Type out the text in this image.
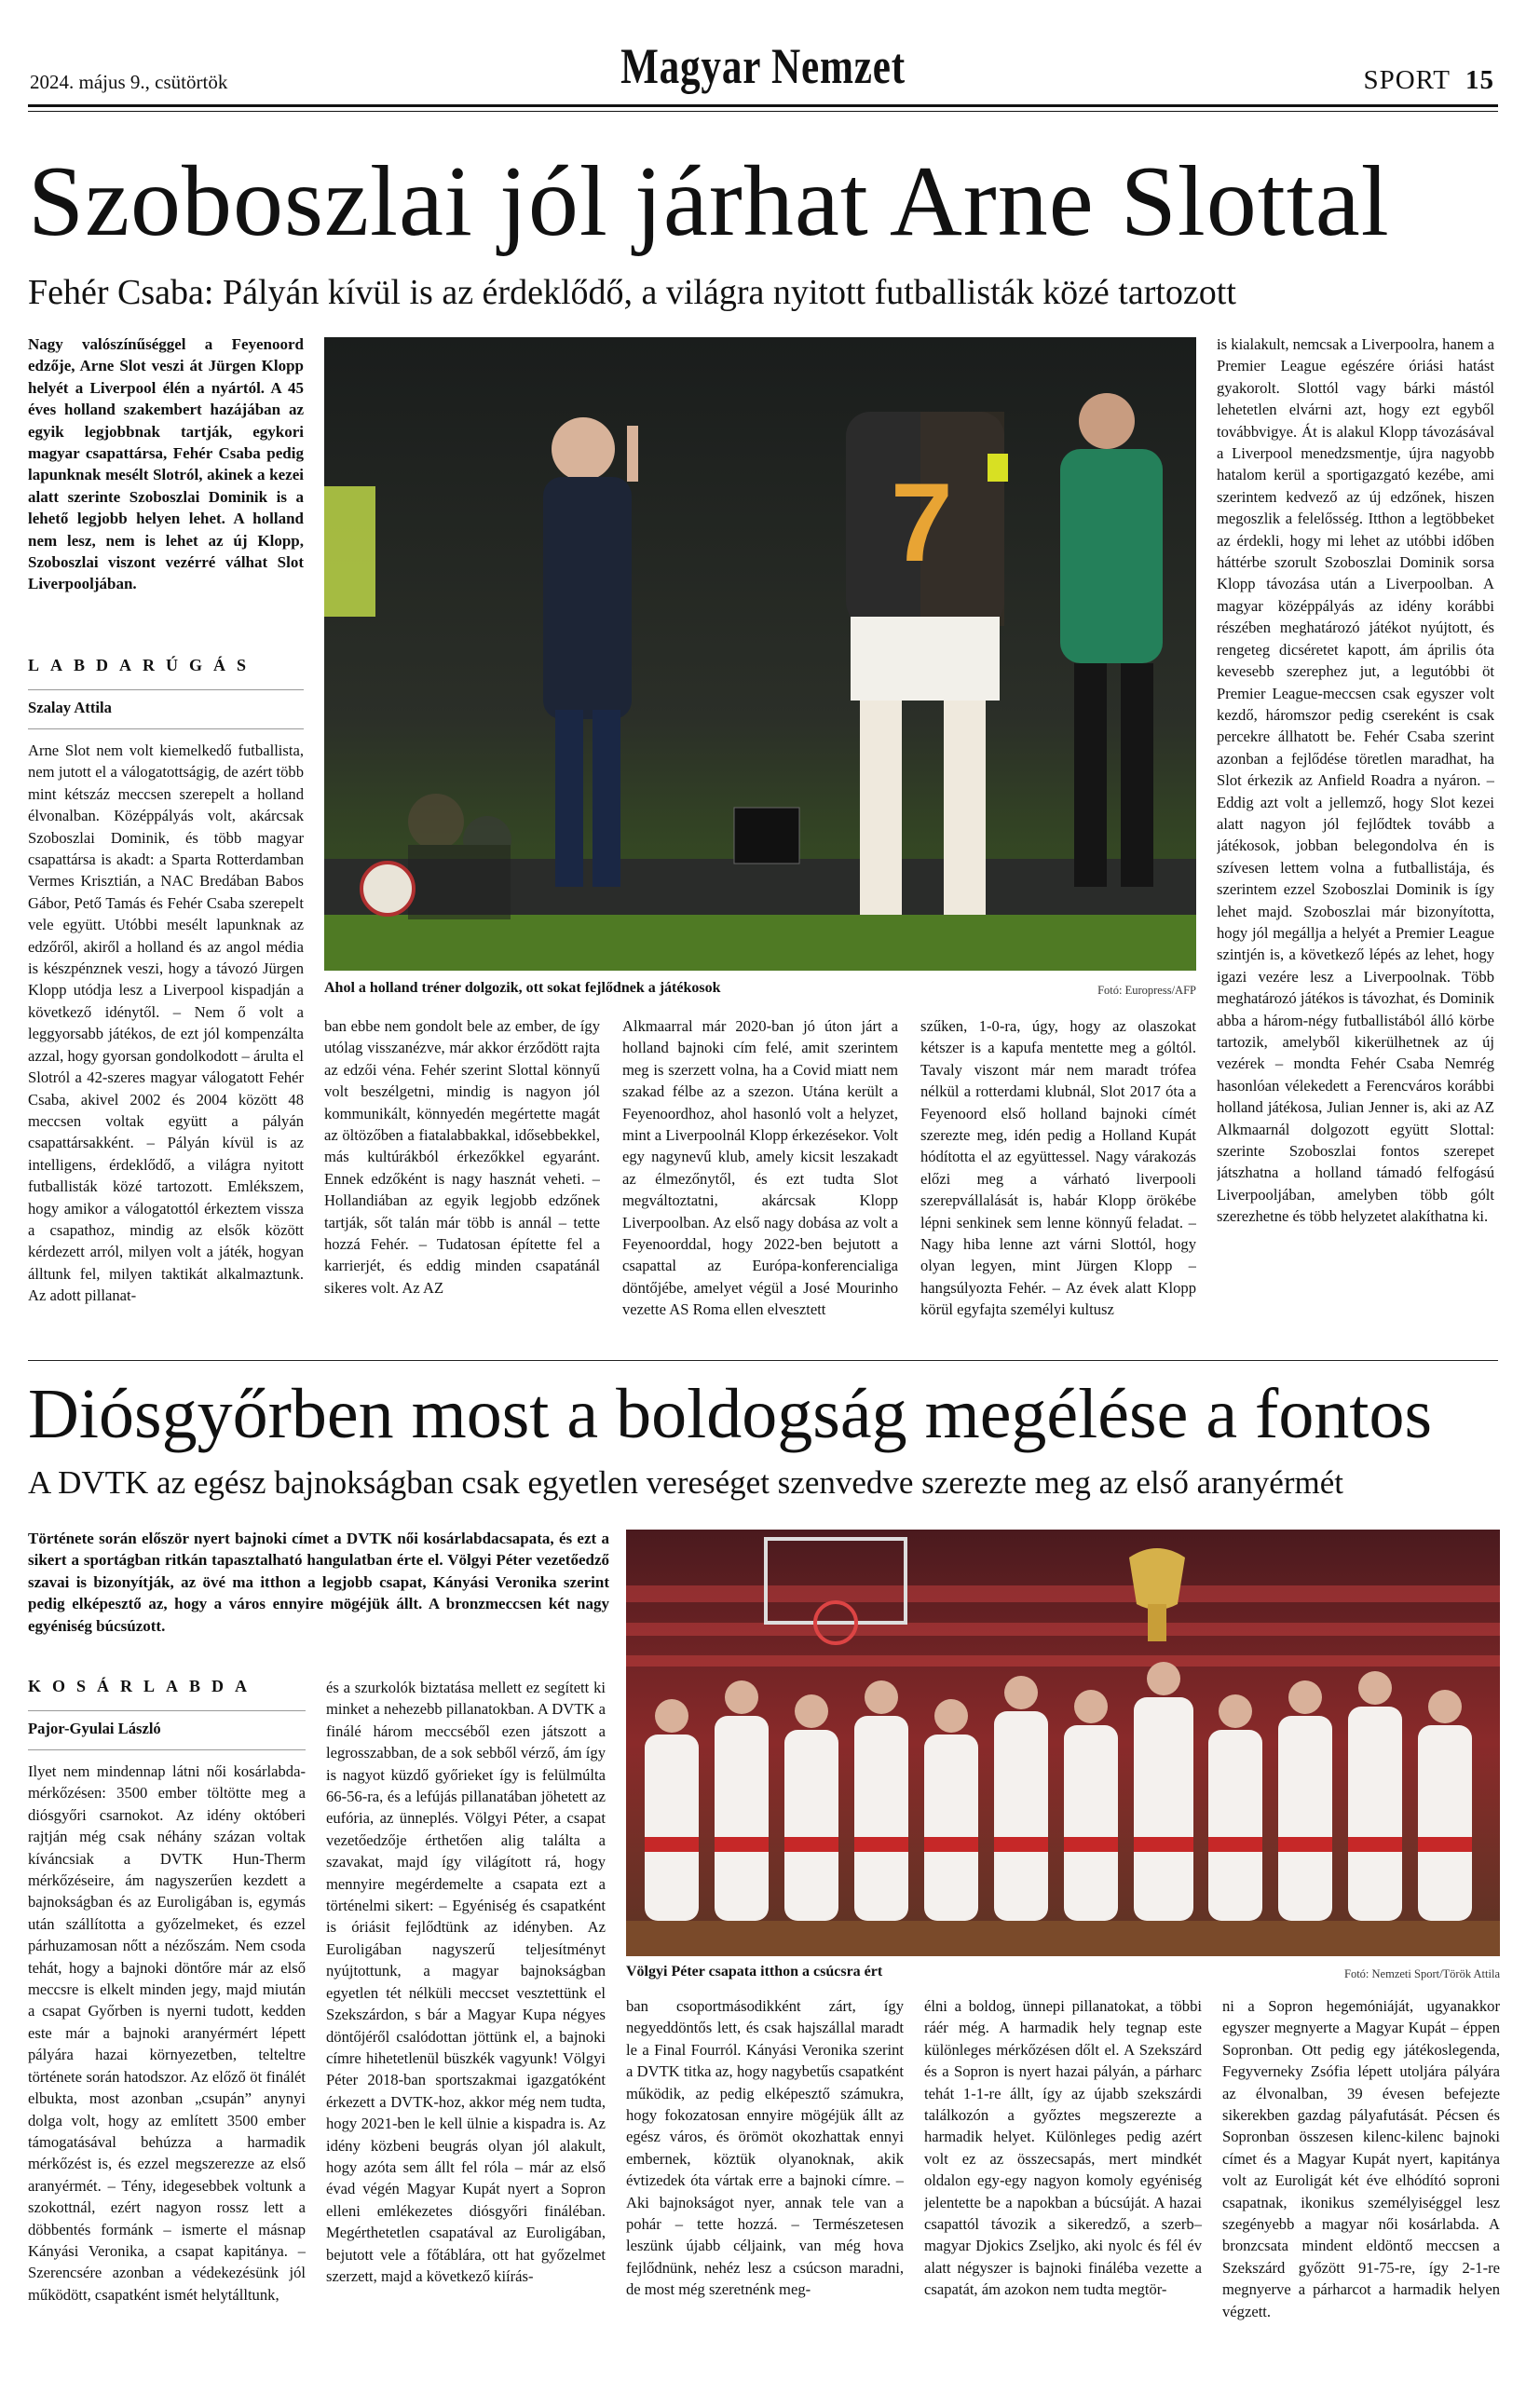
2024. május 9., csütörtök	Magyar Nemzet	SPORT 15
Szoboszlai jól járhat Arne Slottal
Fehér Csaba: Pályán kívül is az érdeklődő, a világra nyitott futballisták közé tartozott
Nagy valószínűséggel a Feyenoord edzője, Arne Slot veszi át Jürgen Klopp helyét a Liverpool élén a nyártól. A 45 éves holland szakembert hazájában az egyik legjobbnak tartják, egykori magyar csapattársa, Fehér Csaba pedig lapunknak mesélt Slotról, akinek a kezei alatt szerinte Szoboszlai Dominik is a lehető legjobb helyen lehet. A holland nem lesz, nem is lehet az új Klopp, Szoboszlai viszont vezérré válhat Slot Liverpooljában.
LABDARÚGÁS
Szalay Attila
Arne Slot nem volt kiemelkedő futballista, nem jutott el a válogatottságig, de azért több mint kétszáz meccsen szerepelt a holland élvonalban. Középpályás volt, akárcsak Szoboszlai Dominik, és több magyar csapattársa is akadt: a Sparta Rotterdamban Vermes Krisztián, a NAC Bredában Babos Gábor, Pető Tamás és Fehér Csaba szerepelt vele együtt. Utóbbi mesélt lapunknak az edzőről, akiről a holland és az angol média is készpénznek veszi, hogy a távozó Jürgen Klopp utódja lesz a Liverpool kispadján a következő idénytől. – Nem ő volt a leggyorsabb játékos, de ezt jól kompenzálta azzal, hogy gyorsan gondolkodott – árulta el Slotról a 42-szeres magyar válogatott Fehér Csaba, akivel 2002 és 2004 között 48 meccsen voltak együtt a pályán csapattársakként. – Pályán kívül is az intelligens, érdeklődő, a világra nyitott futballisták közé tartozott. Emlékszem, hogy amikor a válogatottól érkeztem vissza a csapathoz, mindig az elsők között kérdezett arról, milyen volt a játék, hogyan álltunk fel, milyen taktikát alkalmaztunk. Az adott pillanat-
7
Ahol a holland tréner dolgozik, ott sokat fejlődnek a játékosok	Fotó: Europress/AFP
ban ebbe nem gondolt bele az ember, de így utólag visszanézve, már akkor érződött rajta az edzői véna. Fehér szerint Slottal könnyű volt beszélgetni, mindig is nagyon jól kommunikált, könnyedén megértette magát az öltözőben a fiatalabbakkal, idősebbekkel, más kultúrákból érkezőkkel egyaránt. Ennek edzőként is nagy hasznát veheti. – Hollandiában az egyik legjobb edzőnek tartják, sőt talán már több is annál – tette hozzá Fehér. – Tudatosan építette fel a karrierjét, és eddig minden csapatánál sikeres volt. Az AZ
Alkmaarral már 2020-ban jó úton járt a holland bajnoki cím felé, amit szerintem meg is szerzett volna, ha a Covid miatt nem szakad félbe az a szezon. Utána került a Feyenoordhoz, ahol hasonló volt a helyzet, mint a Liverpoolnál Klopp érkezésekor. Volt egy nagynevű klub, amely kicsit leszakadt az élmezőnytől, és ezt tudta Slot megváltoztatni, akárcsak Klopp Liverpoolban. Az első nagy dobása az volt a Feyenoorddal, hogy 2022-ben bejutott a csapattal az Európa-konferencialiga döntőjébe, amelyet végül a José Mourinho vezette AS Roma ellen elvesztett
szűken, 1-0-ra, úgy, hogy az olaszokat kétszer is a kapufa mentette meg a góltól. Tavaly viszont már nem maradt trófea nélkül a rotterdami klubnál, Slot 2017 óta a Feyenoord első holland bajnoki címét szerezte meg, idén pedig a Holland Kupát hódította el az együttessel. Nagy várakozás előzi meg a várható liverpooli szerepvállalását is, habár Klopp örökébe lépni senkinek sem lenne könnyű feladat. – Nagy hiba lenne azt várni Slottól, hogy olyan legyen, mint Jürgen Klopp – hangsúlyozta Fehér. – Az évek alatt Klopp körül egyfajta személyi kultusz
is kialakult, nemcsak a Liverpoolra, hanem a Premier League egészére óriási hatást gyakorolt. Slottól vagy bárki mástól lehetetlen elvárni azt, hogy ezt egyből továbbvigye. Át is alakul Klopp távozásával a Liverpool menedzsmentje, újra nagyobb hatalom kerül a sportigazgató kezébe, ami szerintem kedvező az új edzőnek, hiszen megoszlik a felelősség. Itthon a legtöbbeket az érdekli, hogy mi lehet az utóbbi időben háttérbe szorult Szoboszlai Dominik sorsa Klopp távozása után a Liverpoolban. A magyar középpályás az idény korábbi részében meghatározó játékot nyújtott, és rengeteg dicséretet kapott, ám április óta kevesebb szerephez jut, a legutóbbi öt Premier League-meccsen csak egyszer volt kezdő, háromszor pedig csereként is csak percekre állhatott be. Fehér Csaba szerint azonban a fejlődése töretlen maradhat, ha Slot érkezik az Anfield Roadra a nyáron. – Eddig azt volt a jellemző, hogy Slot kezei alatt nagyon jól fejlődtek tovább a játékosok, jobban belegondolva én is szívesen lettem volna a futballistája, és szerintem ezzel Szoboszlai Dominik is így lehet majd. Szoboszlai már bizonyította, hogy jól megállja a helyét a Premier League szintjén is, a következő lépés az lehet, hogy igazi vezére lesz a Liverpoolnak. Több meghatározó játékos is távozhat, és Dominik abba a három-négy futballistából álló körbe tartozik, amelyből kikerülhetnek az új vezérek – mondta Fehér Csaba Nemrég hasonlóan vélekedett a Ferencváros korábbi holland játékosa, Julian Jenner is, aki az AZ Alkmaarnál dolgozott együtt Slottal: szerinte Szoboszlai fontos szerepet játszhatna a holland támadó felfogású Liverpooljában, amelyben több gólt szerezhetne és több helyzetet alakíthatna ki.
Diósgyőrben most a boldogság megélése a fontos
A DVTK az egész bajnokságban csak egyetlen vereséget szenvedve szerezte meg az első aranyérmét
Története során először nyert bajnoki címet a DVTK női kosárlabdacsapata, és ezt a sikert a sportágban ritkán tapasztalható hangulatban érte el. Völgyi Péter vezetőedző szavai is bizonyítják, az övé ma itthon a legjobb csapat, Kányási Veronika szerint pedig elképesztő az, hogy a város ennyire mögéjük állt. A bronzmeccsen két nagy egyéniség búcsúzott.
KOSÁRLABDA
Pajor-Gyulai László
Ilyet nem mindennap látni női kosárlabda-mérkőzésen: 3500 ember töltötte meg a diósgyőri csarnokot. Az idény októberi rajtján még csak néhány százan voltak kíváncsiak a DVTK Hun-Therm mérkőzéseire, ám nagyszerűen kezdett a bajnokságban és az Euroligában is, egymás után szállította a győzelmeket, és ezzel párhuzamosan nőtt a nézőszám. Nem csoda tehát, hogy a bajnoki döntőre már az első meccsre is elkelt minden jegy, majd miután a csapat Győrben is nyerni tudott, kedden este már a bajnoki aranyérmért lépett pályára hazai környezetben, telteltre története során hatodszor. Az előző öt finálét elbukta, most azonban „csupán” anynyi dolga volt, hogy az említett 3500 ember támogatásával behúzza a harmadik mérkőzést is, és ezzel megszerezze az első aranyérmét. – Tény, idegesebbek voltunk a szokottnál, ezért nagyon rossz lett a döbbentés formánk – ismerte el másnap Kányási Veronika, a csapat kapitánya. – Szerencsére azonban a védekezésünk jól működött, csapatként ismét helytálltunk,
és a szurkolók biztatása mellett ez segített ki minket a nehezebb pillanatokban. A DVTK a finálé három meccséből ezen játszott a legrosszabban, de a sok sebből vérző, ám így is nagyot küzdő győrieket így is felülmúlta 66-56-ra, és a lefújás pillanatában jöhetett az eufória, az ünneplés. Völgyi Péter, a csapat vezetőedzője érthetően alig találta a szavakat, majd így világított rá, hogy mennyire megérdemelte a csapata ezt a történelmi sikert: – Egyéniség és csapatként is óriásit fejlődtünk az idényben. Az Euroligában nagyszerű teljesítményt nyújtottunk, a magyar bajnokságban egyetlen tét nélküli meccset vesztettünk el Szekszárdon, s bár a Magyar Kupa négyes döntőjéről csalódottan jöttünk el, a bajnoki címre hihetetlenül büszkék vagyunk! Völgyi Péter 2018-ban sportszakmai igazgatóként érkezett a DVTK-hoz, akkor még nem tudta, hogy 2021-ben le kell ülnie a kispadra is. Az idény közbeni beugrás olyan jól alakult, hogy azóta sem állt fel róla – már az első évad végén Magyar Kupát nyert a Sopron elleni emlékezetes diósgyőri fináléban. Megérthetetlen csapatával az Euroligában, bejutott vele a főtáblára, ott hat győzelmet szerzett, majd a következő kiírás-
Völgyi Péter csapata itthon a csúcsra ért	Fotó: Nemzeti Sport/Török Attila
ban csoportmásodikként zárt, így negyeddöntős lett, és csak hajszállal maradt le a Final Fourról. Kányási Veronika szerint a DVTK titka az, hogy nagybetűs csapatként működik, az pedig elképesztő számukra, hogy fokozatosan ennyire mögéjük állt az egész város, és örömöt okozhattak ennyi embernek, köztük olyanoknak, akik évtizedek óta vártak erre a bajnoki címre. – Aki bajnokságot nyer, annak tele van a pohár – tette hozzá. – Természetesen leszünk újabb céljaink, van még hova fejlődnünk, nehéz lesz a csúcson maradni, de most még szeretnénk meg-
élni a boldog, ünnepi pillanatokat, a többi ráér még. A harmadik hely tegnap este különleges mérkőzésen dőlt el. A Szekszárd és a Sopron is nyert hazai pályán, a párharc tehát 1-1-re állt, így az újabb szekszárdi találkozón a győztes megszerezte a harmadik helyet. Különleges pedig azért volt ez az összecsapás, mert mindkét oldalon egy-egy nagyon komoly egyéniség jelentette be a napokban a búcsúját. A hazai csapattól távozik a sikeredző, a szerb–magyar Djokics Zseljko, aki nyolc és fél év alatt négyszer is bajnoki fináléba vezette a csapatát, ám azokon nem tudta megtör-
ni a Sopron hegemóniáját, ugyanakkor egyszer megnyerte a Magyar Kupát – éppen Sopronban. Ott pedig egy játékoslegenda, Fegyverneky Zsófia lépett utoljára pályára az élvonalban, 39 évesen befejezte sikerekben gazdag pályafutását. Pécsen és Sopronban összesen kilenc-kilenc bajnoki címet és a Magyar Kupát nyert, kapitánya volt az Euroligát két éve elhódító soproni csapatnak, ikonikus személyiséggel lesz szegényebb a magyar női kosárlabda. A bronzcsata mindent eldöntő meccsen a Szekszárd győzött 91-75-re, így 2-1-re megnyerve a párharcot a harmadik helyen végzett.
